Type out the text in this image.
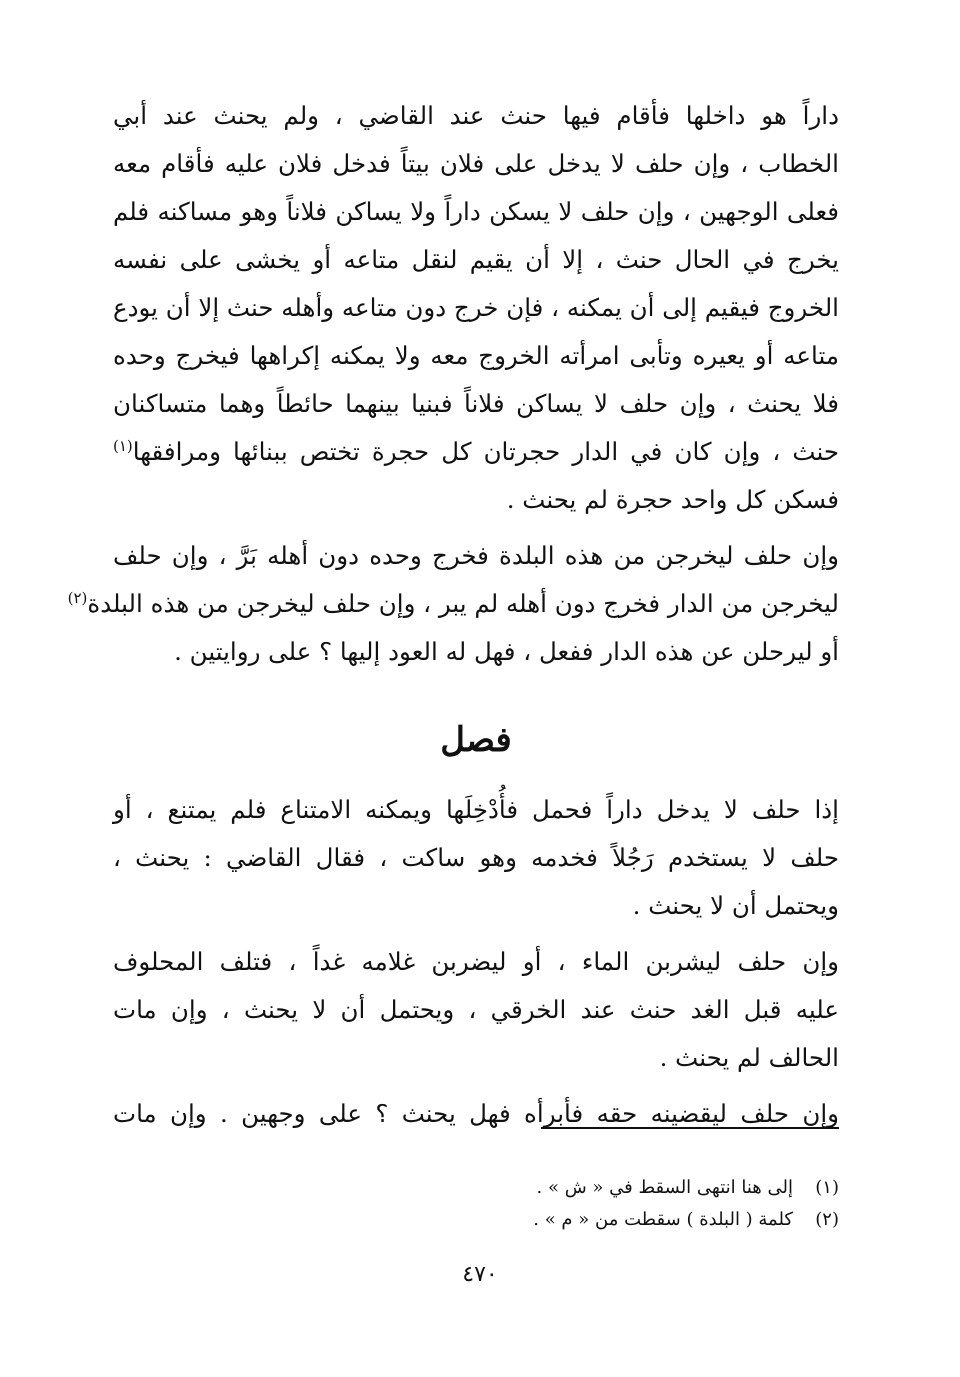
داراً هو داخلها فأقام فيها حنث عند القاضي ، ولم يحنث عند أبي
الخطاب ، وإن حلف لا يدخل على فلان بيتاً فدخل فلان عليه فأقام معه
فعلى الوجهين ، وإن حلف لا يسكن داراً ولا يساكن فلاناً وهو مساكنه فلم
يخرج في الحال حنث ، إلا أن يقيم لنقل متاعه أو يخشى على نفسه
الخروج فيقيم إلى أن يمكنه ، فإن خرج دون متاعه وأهله حنث إلا أن يودع
متاعه أو يعيره وتأبى امرأته الخروج معه ولا يمكنه إكراهها فيخرج وحده
فلا يحنث ، وإن حلف لا يساكن فلاناً فبنيا بينهما حائطاً وهما متساكنان
حنث ، وإن كان في الدار حجرتان كل حجرة تختص ببنائها ومرافقها$^{(١)}$
فسكن كل واحد حجرة لم يحنث .

وإن حلف ليخرجن من هذه البلدة فخرج وحده دون أهله بَرَّ ، وإن حلف
ليخرجن من الدار فخرج دون أهله لم يبر ، وإن حلف ليخرجن من هذه البلدة$^{(٢)}$
أو ليرحلن عن هذه الدار ففعل ، فهل له العود إليها ؟ على روايتين .

فصل

إذا حلف لا يدخل داراً فحمل فأُدْخِلَها ويمكنه الامتناع فلم يمتنع ، أو
حلف لا يستخدم رَجُلاً فخدمه وهو ساكت ، فقال القاضي : يحنث ،
ويحتمل أن لا يحنث .

وإن حلف ليشربن الماء ، أو ليضربن غلامه غداً ، فتلف المحلوف
عليه قبل الغد حنث عند الخرقي ، ويحتمل أن لا يحنث ، وإن مات
الحالف لم يحنث .

وإن حلف ليقضينه حقه فأبرأه فهل يحنث ؟ على وجهين . وإن مات

(١)إلى هنا انتهى السقط في « ش » .
(٢)كلمة ( البلدة ) سقطت من « م » .
٤٧٠
